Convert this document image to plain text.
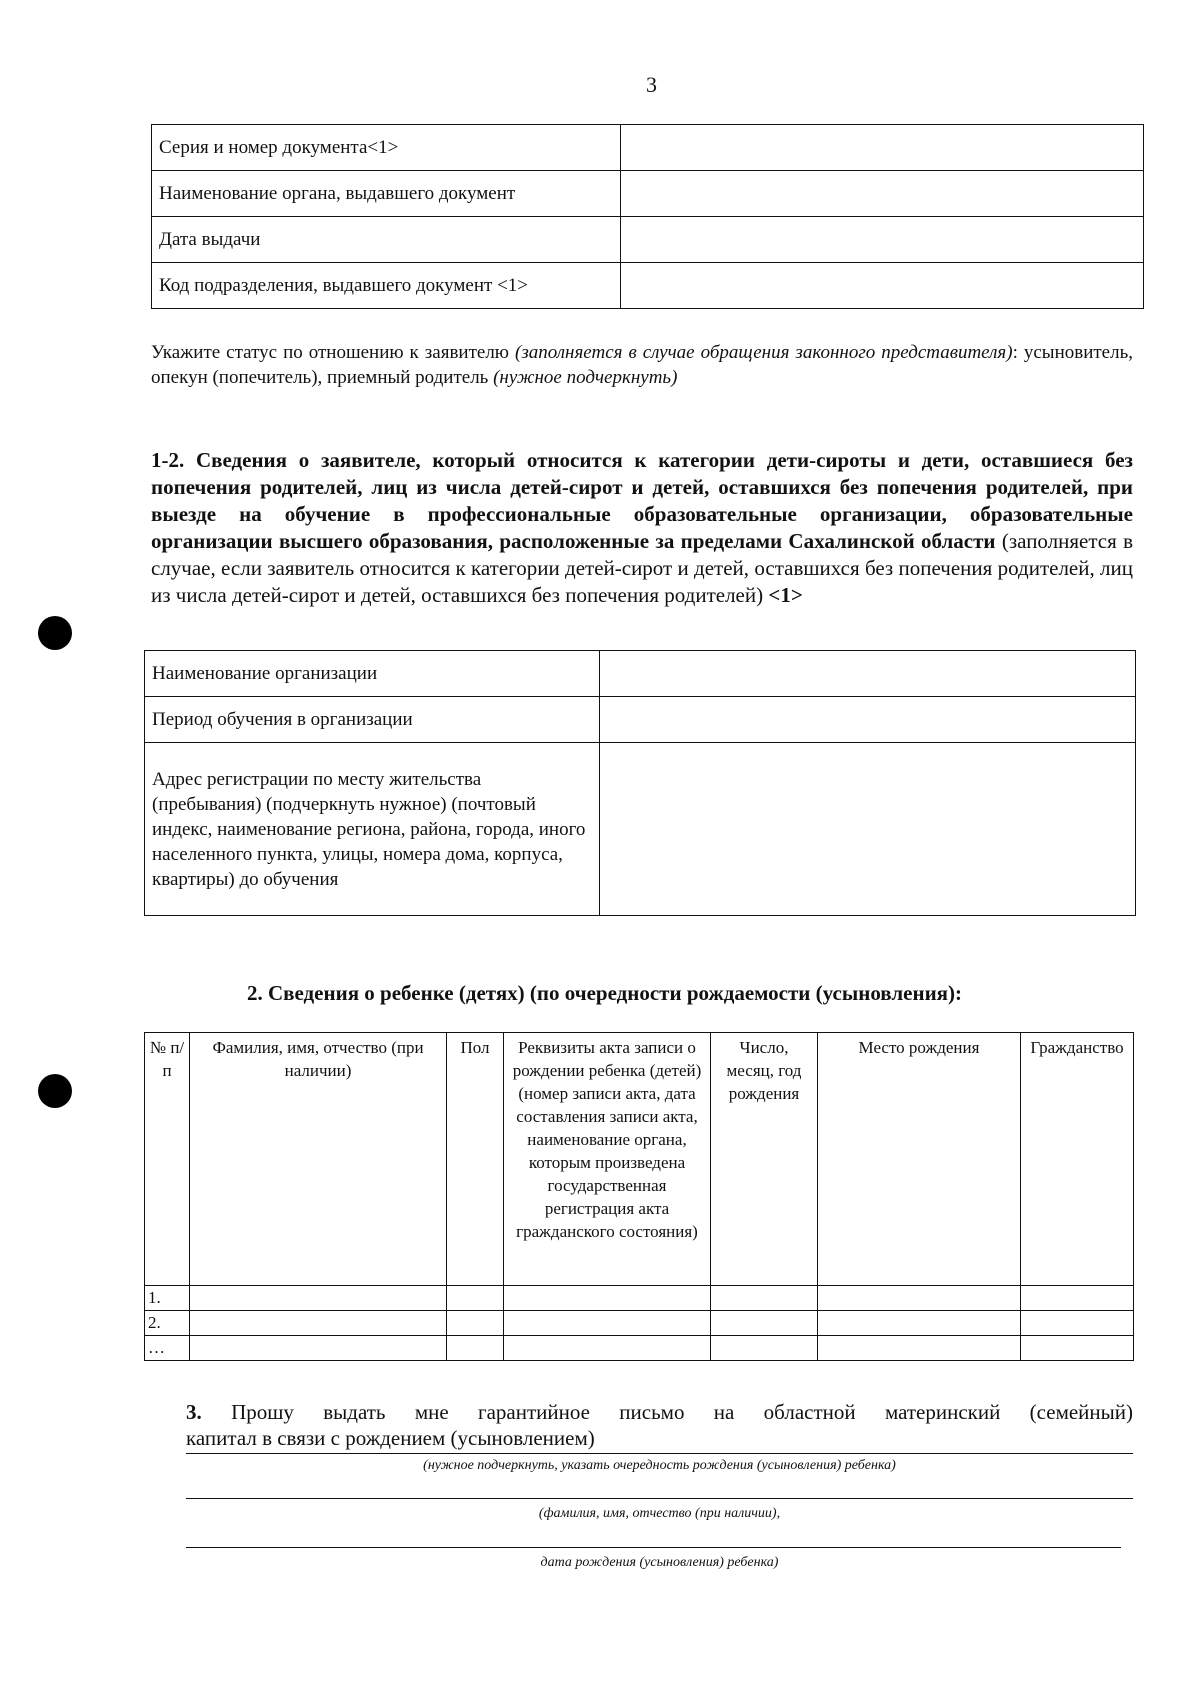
3
Серия и номер документа<1>	
Наименование органа, выдавшего документ	
Дата выдачи	
Код подразделения, выдавшего документ <1>	
Укажите статус по отношению к заявителю (заполняется в случае обращения законного представителя): усыновитель, опекун (попечитель), приемный родитель (нужное подчеркнуть)
1-2. Сведения о заявителе, который относится к категории дети-сироты и дети, оставшиеся без попечения родителей, лиц из числа детей-сирот и детей, оставшихся без попечения родителей, при выезде на обучение в профессиональные образовательные организации, образовательные организации высшего образования, расположенные за пределами Сахалинской области (заполняется в случае, если заявитель относится к категории детей-сирот и детей, оставшихся без попечения родителей, лиц из числа детей-сирот и детей, оставшихся без попечения родителей) <1>
Наименование организации	
Период обучения в организации	
Адрес регистрации по месту жительства (пребывания) (подчеркнуть нужное) (почтовый индекс, наименование региона, района, города, иного населенного пункта, улицы, номера дома, корпуса, квартиры) до обучения	
2. Сведения о ребенке (детях) (по очередности рождаемости (усыновления):
№ п/п	Фамилия, имя, отчество (при наличии)	Пол	Реквизиты акта записи о рождении ребенка (детей) (номер записи акта, дата составления записи акта, наименование органа, которым произведена государственная регистрация акта гражданского состояния)	Число, месяц, год рождения	Место рождения	Гражданство
1.						
2.						
…						
3. Прошу выдать мне гарантийное письмо на областной материнский (семейный)
капитал в связи с рождением (усыновлением)
(нужное подчеркнуть, указать очередность рождения (усыновления) ребенка)
(фамилия, имя, отчество (при наличии),
дата рождения (усыновления) ребенка)
